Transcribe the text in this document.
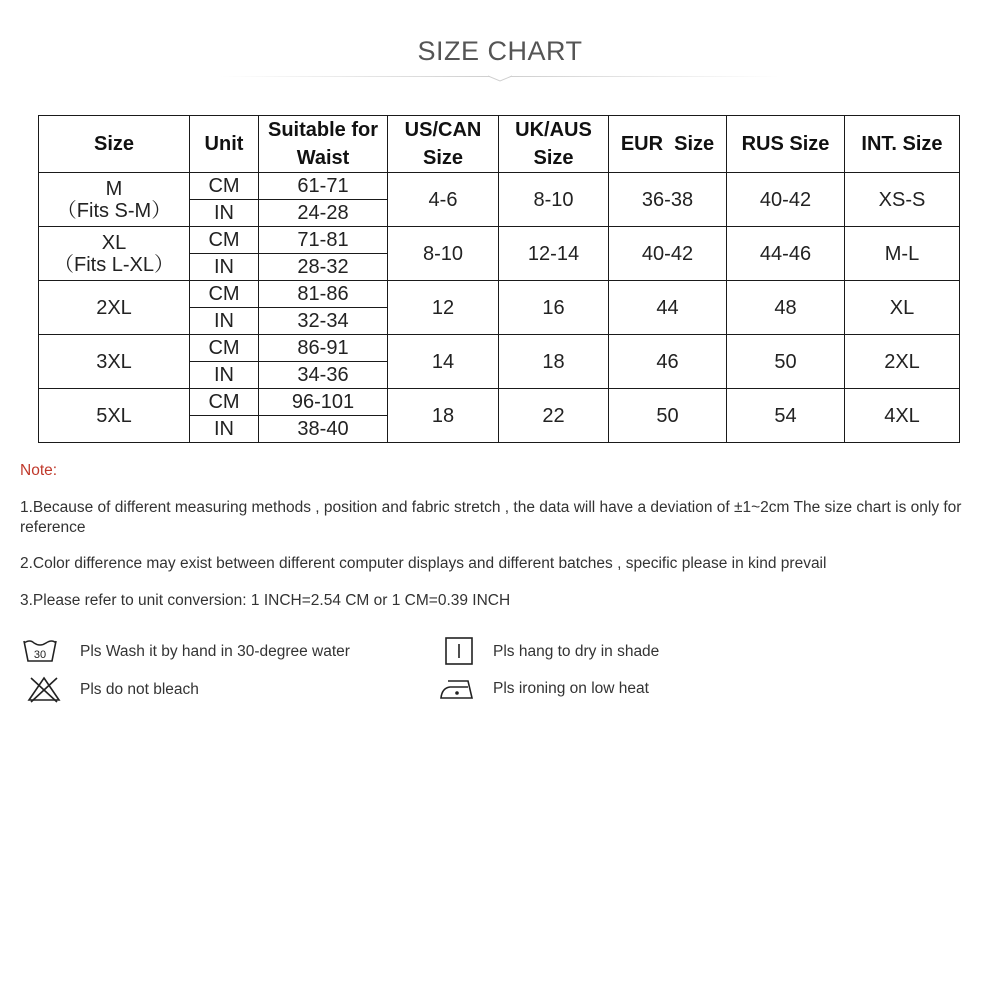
SIZE CHART
Size	Unit	Suitable for Waist	US/CAN Size	UK/AUS Size	EUR  Size	RUS Size	INT. Size

M
（Fits S-M）	CM	61-71	4-6	8-10	36-38	40-42	XS-S
	IN	24-28					

XL
（Fits L-XL）	CM	71-81	8-10	12-14	40-42	44-46	M-L
	IN	28-32					

2XL	CM	81-86	12	16	44	48	XL
	IN	32-34					

3XL	CM	86-91	14	18	46	50	2XL
	IN	34-36					

5XL	CM	96-101	18	22	50	54	4XL
	IN	38-40					
Note:
1.Because of different measuring methods , position and fabric stretch , the data will have a deviation of ±1~2cm The size chart is only for reference
2.Color difference may exist between different computer displays and different batches , specific please in kind prevail
3.Please refer to unit conversion: 1 INCH=2.54 CM or 1 CM=0.39 INCH
30 Pls Wash it by hand in 30-degree water
Pls do not bleach
Pls hang to dry in shade
Pls ironing on low heat
